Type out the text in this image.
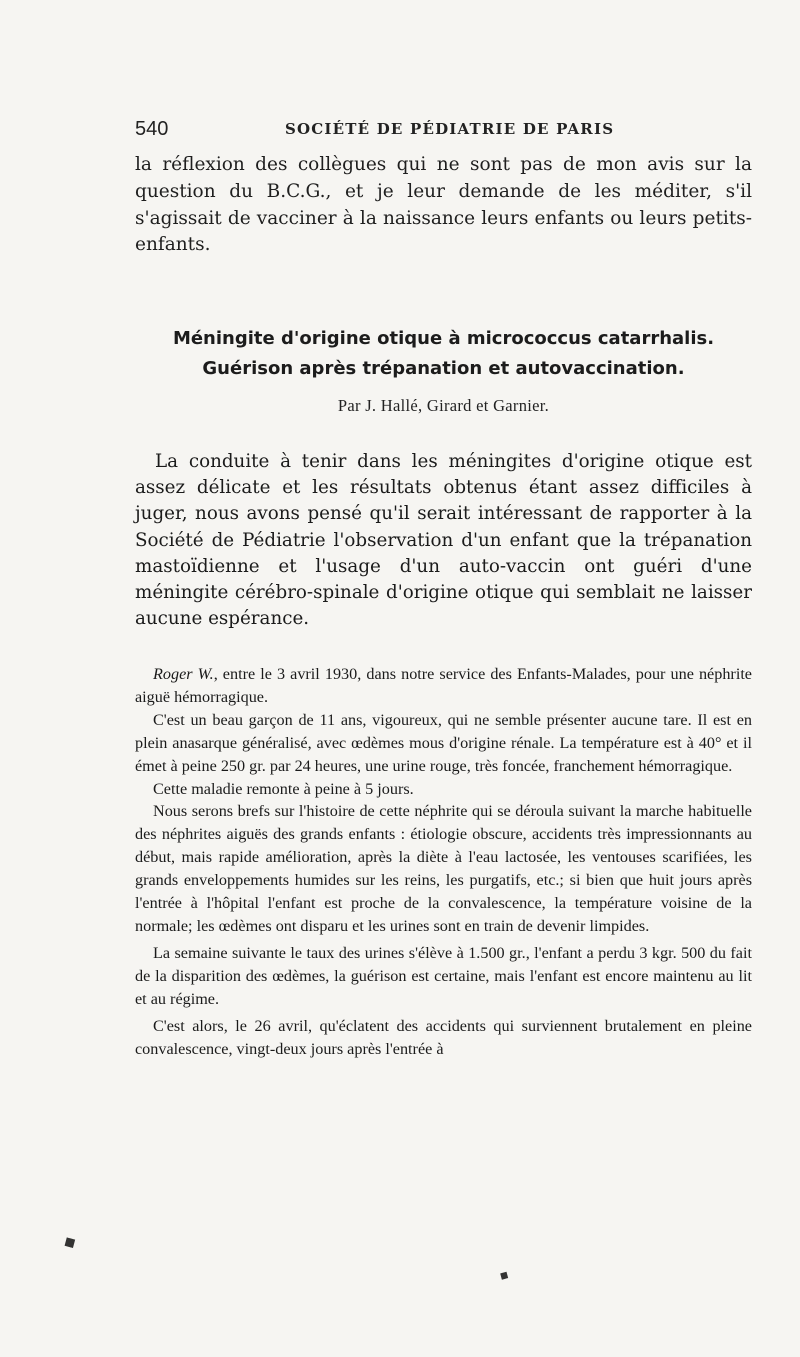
540	SOCIÉTÉ DE PÉDIATRIE DE PARIS

la réflexion des collègues qui ne sont pas de mon avis sur la question du B.C.G., et je leur demande de les méditer, s'il s'agissait de vacciner à la naissance leurs enfants ou leurs petits-enfants.

Méningite d'origine otique à micrococcus catarrhalis.
Guérison après trépanation et autovaccination.
Par J. Hallé, Girard et Garnier.

La conduite à tenir dans les méningites d'origine otique est assez délicate et les résultats obtenus étant assez difficiles à juger, nous avons pensé qu'il serait intéressant de rapporter à la Société de Pédiatrie l'observation d'un enfant que la trépanation mastoïdienne et l'usage d'un auto-vaccin ont guéri d'une méningite cérébro-spinale d'origine otique qui semblait ne laisser aucune espérance.

Roger W., entre le 3 avril 1930, dans notre service des Enfants-Malades, pour une néphrite aiguë hémorragique.

C'est un beau garçon de 11 ans, vigoureux, qui ne semble présenter aucune tare. Il est en plein anasarque généralisé, avec œdèmes mous d'origine rénale. La température est à 40° et il émet à peine 250 gr. par 24 heures, une urine rouge, très foncée, franchement hémorragique.

Cette maladie remonte à peine à 5 jours.

Nous serons brefs sur l'histoire de cette néphrite qui se déroula suivant la marche habituelle des néphrites aiguës des grands enfants : étiologie obscure, accidents très impressionnants au début, mais rapide amélioration, après la diète à l'eau lactosée, les ventouses scarifiées, les grands enveloppements humides sur les reins, les purgatifs, etc.; si bien que huit jours après l'entrée à l'hôpital l'enfant est proche de la convalescence, la température voisine de la normale; les œdèmes ont disparu et les urines sont en train de devenir limpides.

La semaine suivante le taux des urines s'élève à 1.500 gr., l'enfant a perdu 3 kgr. 500 du fait de la disparition des œdèmes, la guérison est certaine, mais l'enfant est encore maintenu au lit et au régime.

C'est alors, le 26 avril, qu'éclatent des accidents qui surviennent brutalement en pleine convalescence, vingt-deux jours après l'entrée à

◆
◆
